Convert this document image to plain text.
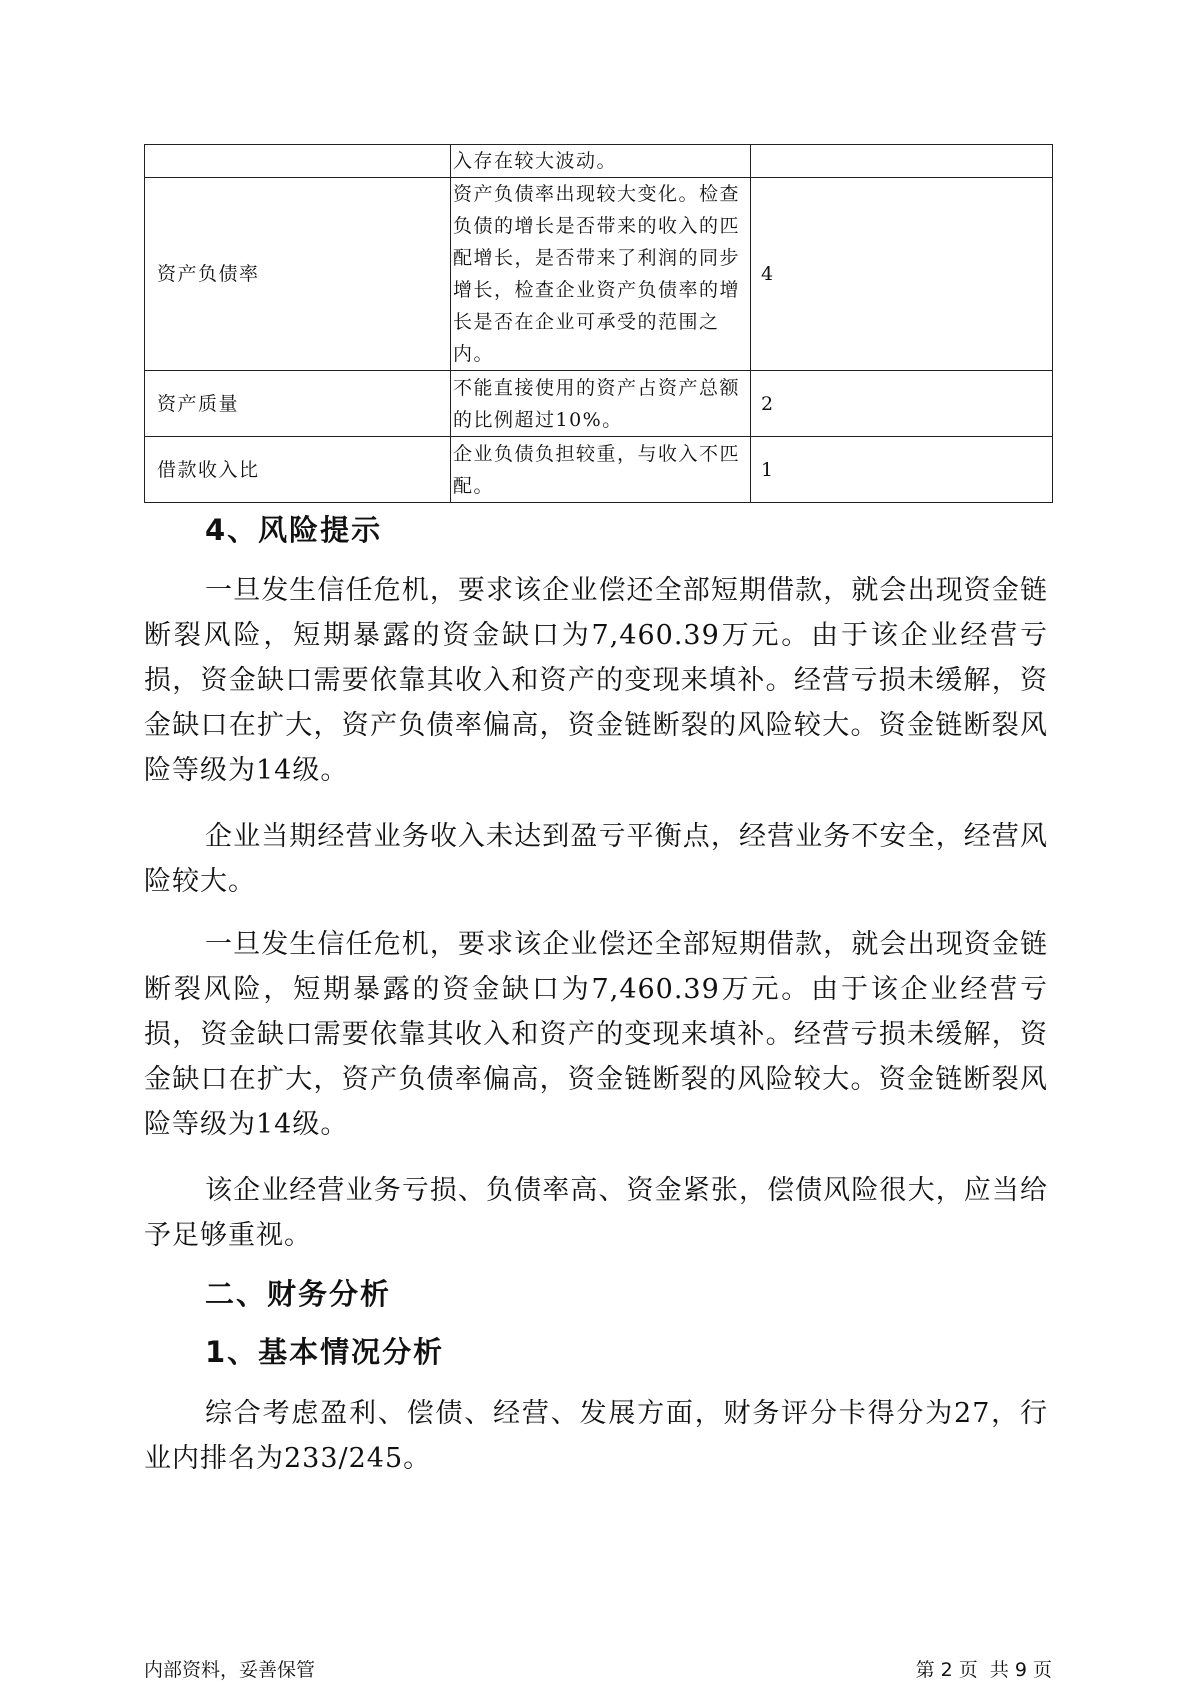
	入存在较大波动。	
资产负债率	资产负债率出现较大变化。检查负债的增长是否带来的收入的匹配增长，是否带来了利润的同步增长，检查企业资产负债率的增长是否在企业可承受的范围之内。	4
资产质量	不能直接使用的资产占资产总额的比例超过10%。	2
借款收入比	企业负债负担较重，与收入不匹配。	1
4、风险提示

一旦发生信任危机，要求该企业偿还全部短期借款，就会出现资金链断裂风险，短期暴露的资金缺口为7,460.39万元。由于该企业经营亏损，资金缺口需要依靠其收入和资产的变现来填补。经营亏损未缓解，资金缺口在扩大，资产负债率偏高，资金链断裂的风险较大。资金链断裂风险等级为14级。

企业当期经营业务收入未达到盈亏平衡点，经营业务不安全，经营风险较大。

一旦发生信任危机，要求该企业偿还全部短期借款，就会出现资金链断裂风险，短期暴露的资金缺口为7,460.39万元。由于该企业经营亏损，资金缺口需要依靠其收入和资产的变现来填补。经营亏损未缓解，资金缺口在扩大，资产负债率偏高，资金链断裂的风险较大。资金链断裂风险等级为14级。

该企业经营业务亏损、负债率高、资金紧张，偿债风险很大，应当给予足够重视。

二、财务分析
1、基本情况分析

综合考虑盈利、偿债、经营、发展方面，财务评分卡得分为27，行业内排名为233/245。

内部资料，妥善保管	第 2 页  共 9 页
